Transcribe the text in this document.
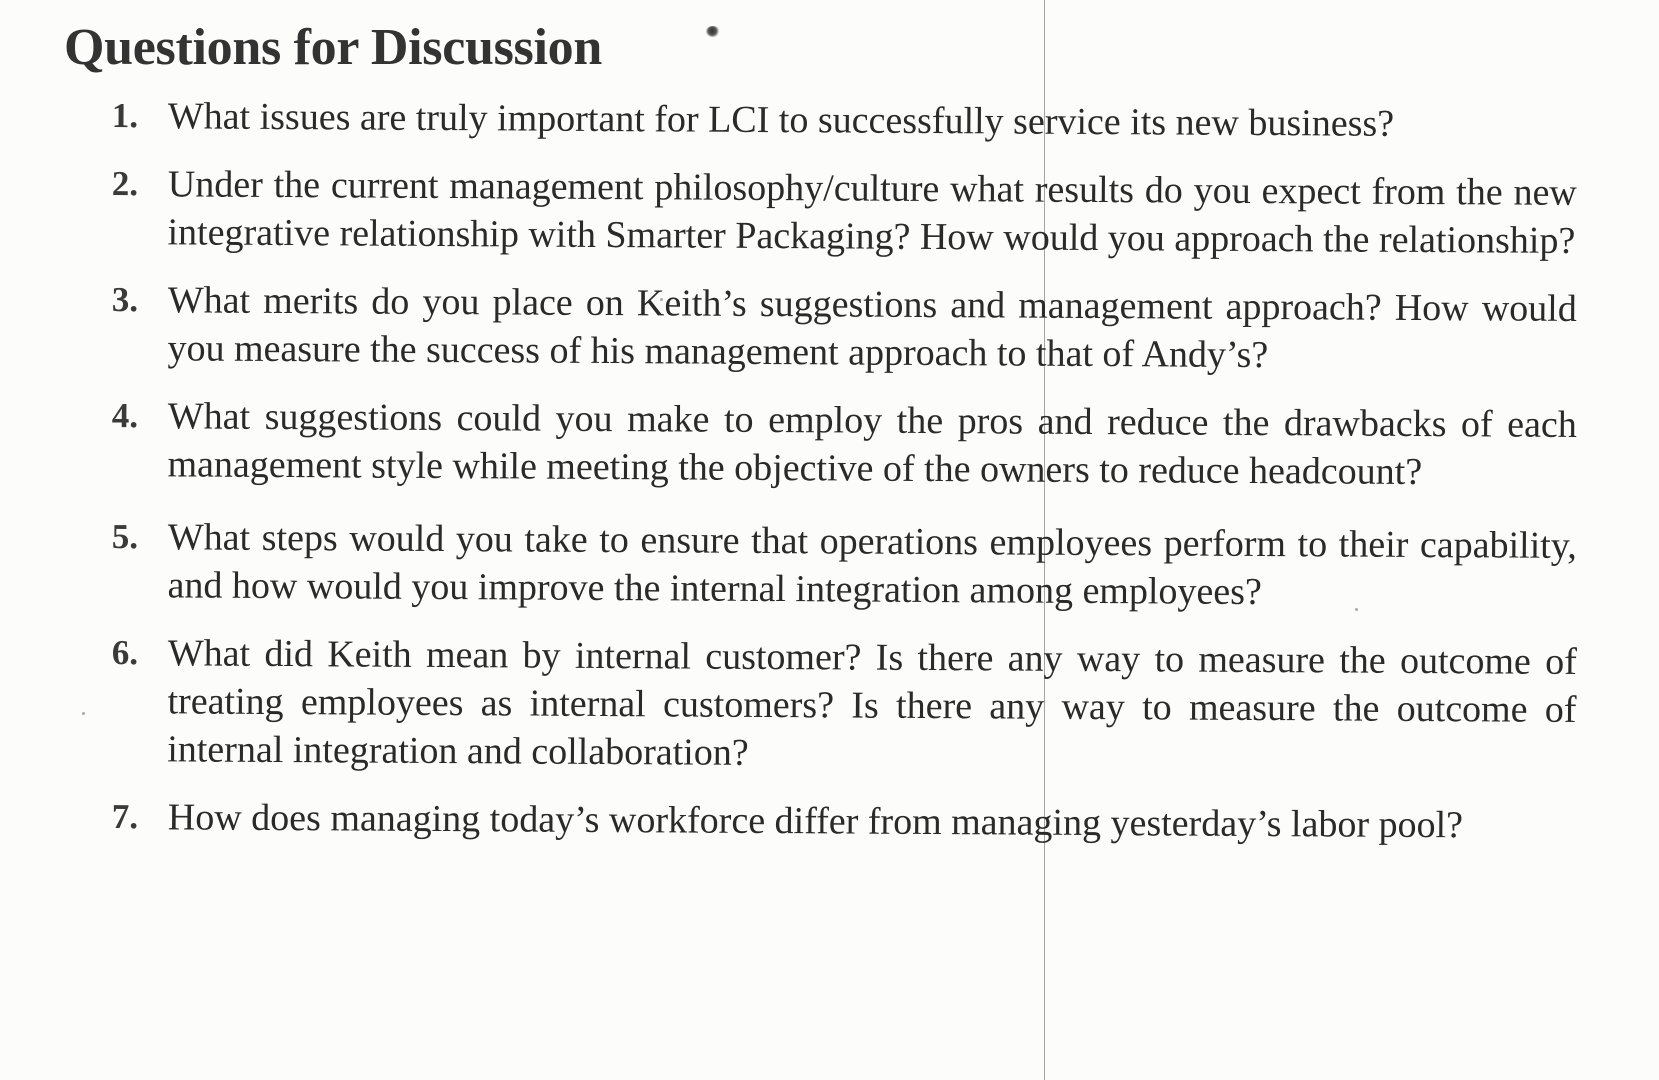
Questions for Discussion
1. What issues are truly important for LCI to successfully service its new business?
2. Under the current management philosophy/culture what results do you expect from the new integrative relationship with Smarter Packaging? How would you approach the relationship?
3. What merits do you place on Keith’s suggestions and management approach? How would you measure the success of his management approach to that of Andy’s?
4. What suggestions could you make to employ the pros and reduce the drawbacks of each management style while meeting the objective of the owners to reduce headcount?
5. What steps would you take to ensure that operations employees perform to their capability, and how would you improve the internal integration among employees?
6. What did Keith mean by internal customer? Is there any way to measure the outcome of treating employees as internal customers? Is there any way to measure the outcome of internal integration and collaboration?
7. How does managing today’s workforce differ from managing yesterday’s labor pool?
